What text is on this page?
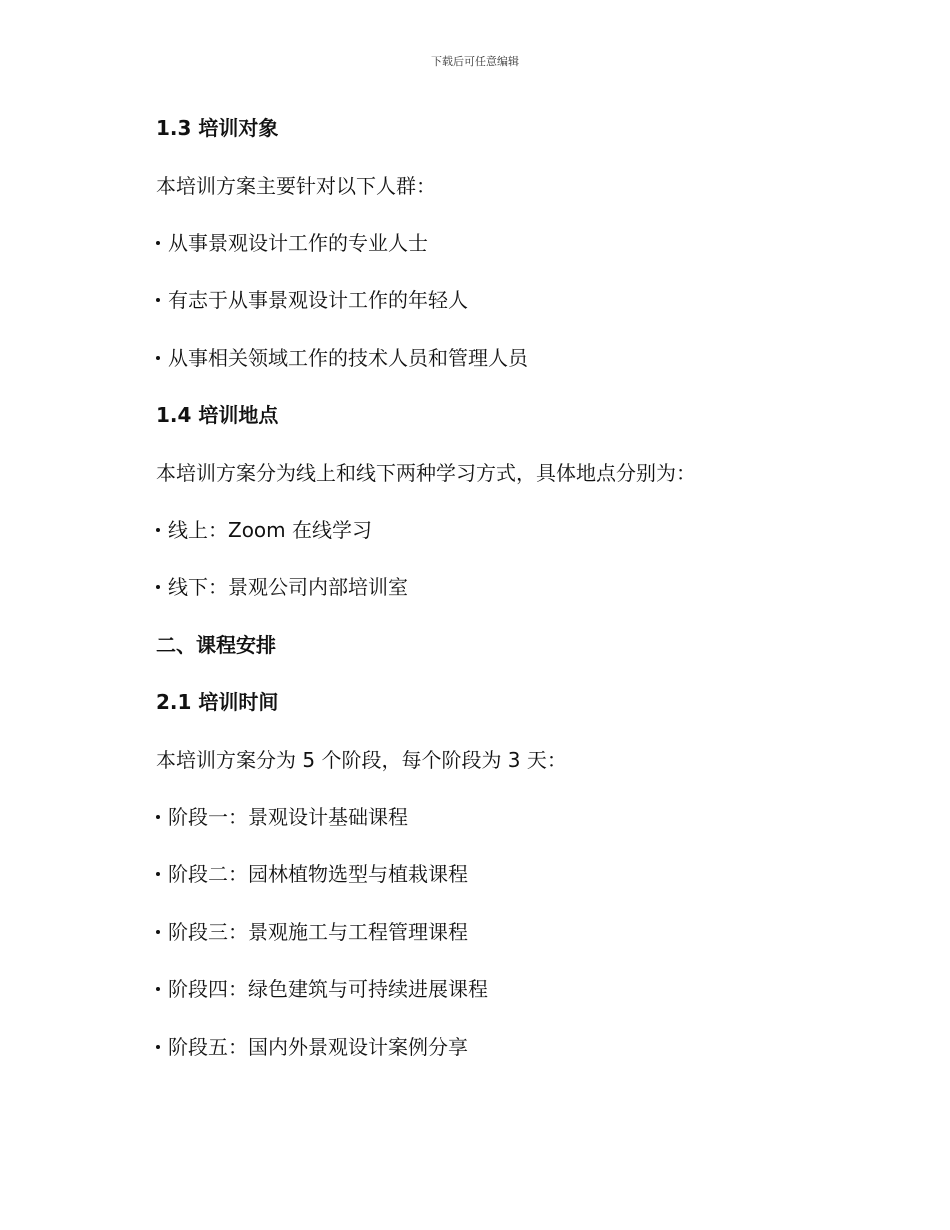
下载后可任意编辑
1.3 培训对象
本培训方案主要针对以下人群：
从事景观设计工作的专业人士
有志于从事景观设计工作的年轻人
从事相关领域工作的技术人员和管理人员
1.4 培训地点
本培训方案分为线上和线下两种学习方式，具体地点分别为：
线上：Zoom 在线学习
线下：景观公司内部培训室
二、课程安排
2.1 培训时间
本培训方案分为 5 个阶段，每个阶段为 3 天：
阶段一：景观设计基础课程
阶段二：园林植物选型与植栽课程
阶段三：景观施工与工程管理课程
阶段四：绿色建筑与可持续进展课程
阶段五：国内外景观设计案例分享
